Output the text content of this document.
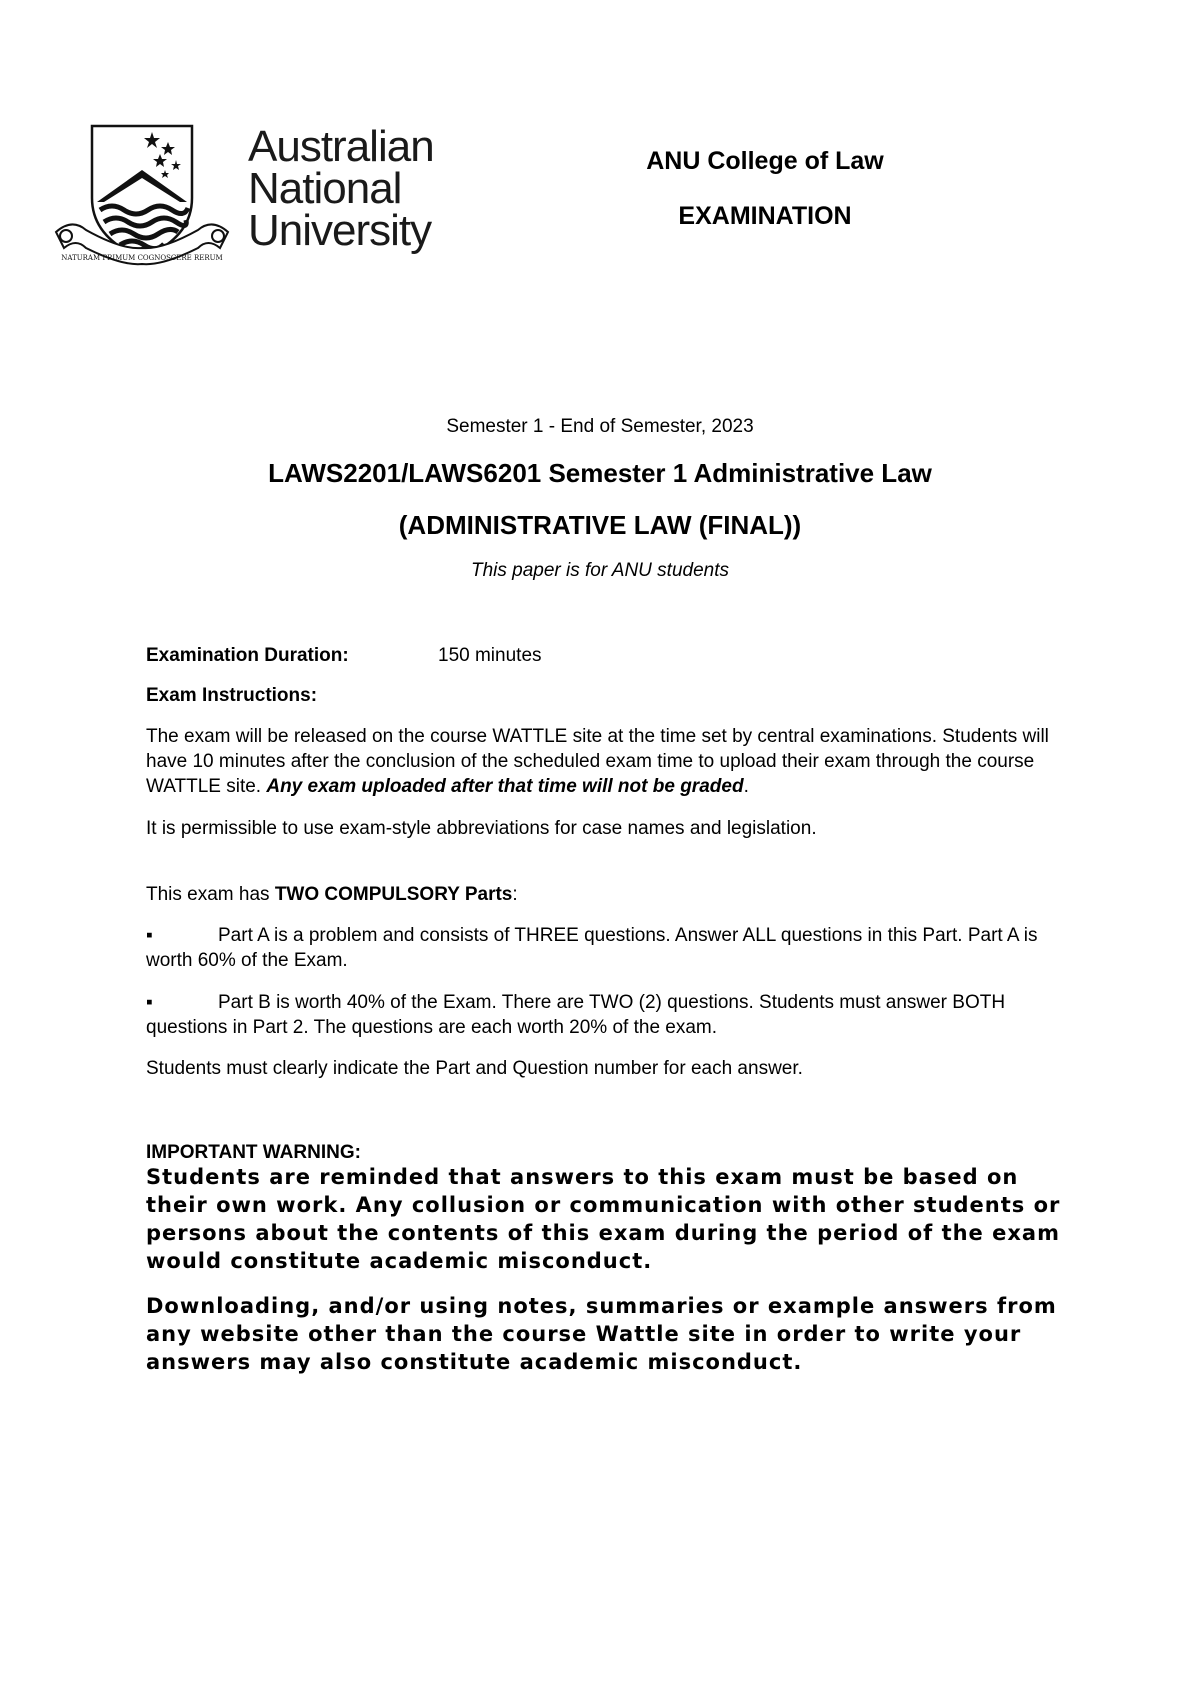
NATURAM PRIMUM COGNOSCERE RERUM
Australian
National
University
ANU College of Law
EXAMINATION
Semester 1 - End of Semester, 2023
LAWS2201/LAWS6201 Semester 1 Administrative Law
(ADMINISTRATIVE LAW (FINAL))
This paper is for ANU students
Examination Duration:	150 minutes
Exam Instructions:
The exam will be released on the course WATTLE site at the time set by central examinations. Students will have 10 minutes after the conclusion of the scheduled exam time to upload their exam through the course WATTLE site. Any exam uploaded after that time will not be graded.
It is permissible to use exam-style abbreviations for case names and legislation.
This exam has TWO COMPULSORY Parts:
▪	Part A is a problem and consists of THREE questions. Answer ALL questions in this Part. Part A is worth 60% of the Exam.
▪	Part B is worth 40% of the Exam. There are TWO (2) questions. Students must answer BOTH questions in Part 2. The questions are each worth 20% of the exam.
Students must clearly indicate the Part and Question number for each answer.
IMPORTANT WARNING:
Students are reminded that answers to this exam must be based on their own work. Any collusion or communication with other students or persons about the contents of this exam during the period of the exam would constitute academic misconduct.
Downloading, and/or using notes, summaries or example answers from any website other than the course Wattle site in order to write your answers may also constitute academic misconduct.
